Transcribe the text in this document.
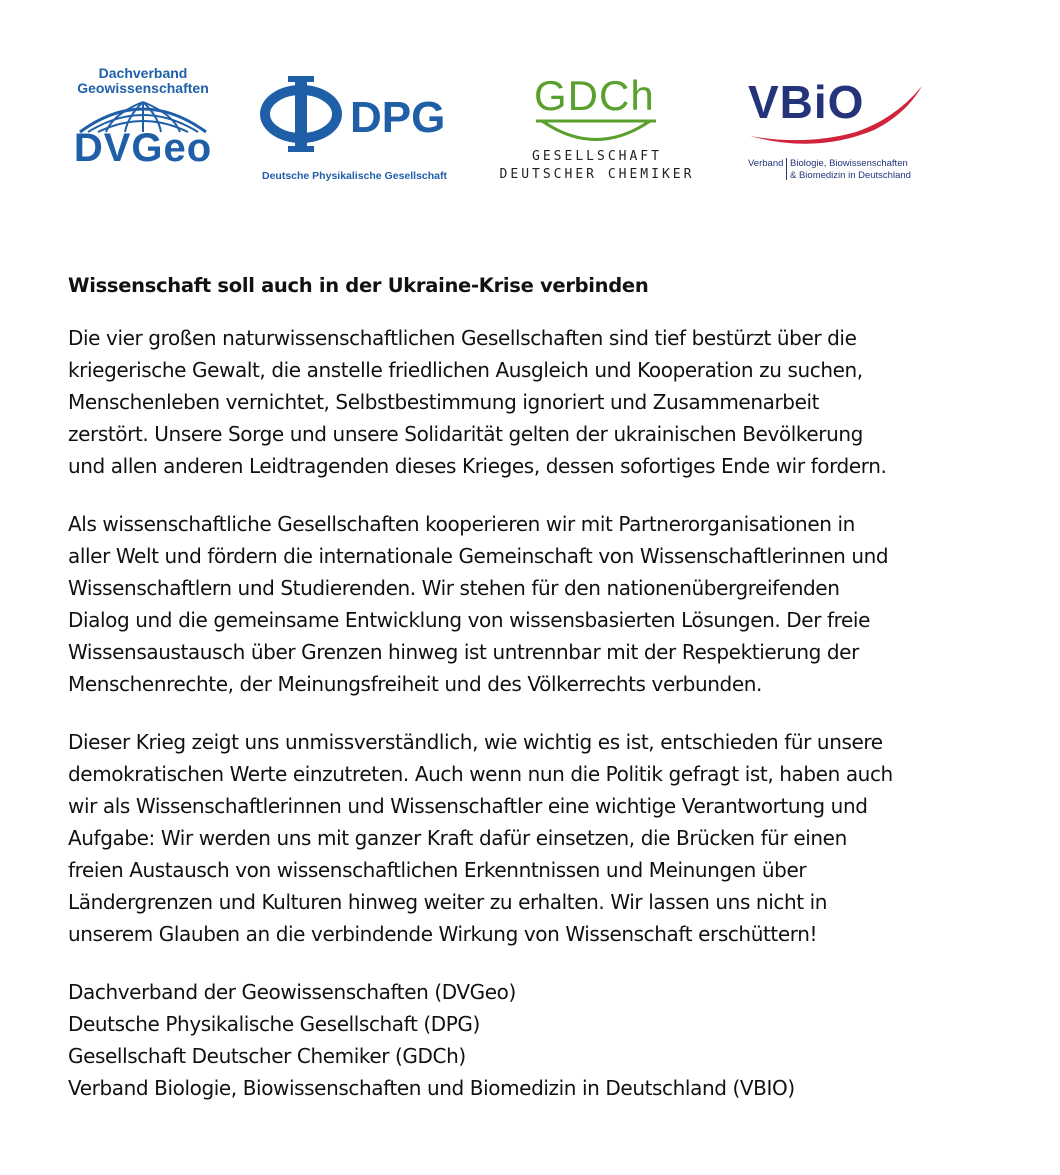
Dachverband
Geowissenschaften
DVGeo
DPG
Deutsche Physikalische Gesellschaft
GDCh
GESELLSCHAFT
DEUTSCHER CHEMIKER
VBiO
Verband Biologie, Biowissenschaften
& Biomedizin in Deutschland
Wissenschaft soll auch in der Ukraine-Krise verbinden
Die vier großen naturwissenschaftlichen Gesellschaften sind tief bestürzt über die
kriegerische Gewalt, die anstelle friedlichen Ausgleich und Kooperation zu suchen,
Menschenleben vernichtet, Selbstbestimmung ignoriert und Zusammenarbeit
zerstört. Unsere Sorge und unsere Solidarität gelten der ukrainischen Bevölkerung
und allen anderen Leidtragenden dieses Krieges, dessen sofortiges Ende wir fordern.
Als wissenschaftliche Gesellschaften kooperieren wir mit Partnerorganisationen in
aller Welt und fördern die internationale Gemeinschaft von Wissenschaftlerinnen und
Wissenschaftlern und Studierenden. Wir stehen für den nationenübergreifenden
Dialog und die gemeinsame Entwicklung von wissensbasierten Lösungen. Der freie
Wissensaustausch über Grenzen hinweg ist untrennbar mit der Respektierung der
Menschenrechte, der Meinungsfreiheit und des Völkerrechts verbunden.
Dieser Krieg zeigt uns unmissverständlich, wie wichtig es ist, entschieden für unsere
demokratischen Werte einzutreten. Auch wenn nun die Politik gefragt ist, haben auch
wir als Wissenschaftlerinnen und Wissenschaftler eine wichtige Verantwortung und
Aufgabe: Wir werden uns mit ganzer Kraft dafür einsetzen, die Brücken für einen
freien Austausch von wissenschaftlichen Erkenntnissen und Meinungen über
Ländergrenzen und Kulturen hinweg weiter zu erhalten. Wir lassen uns nicht in
unserem Glauben an die verbindende Wirkung von Wissenschaft erschüttern!
Dachverband der Geowissenschaften (DVGeo)
Deutsche Physikalische Gesellschaft (DPG)
Gesellschaft Deutscher Chemiker (GDCh)
Verband Biologie, Biowissenschaften und Biomedizin in Deutschland (VBIO)
